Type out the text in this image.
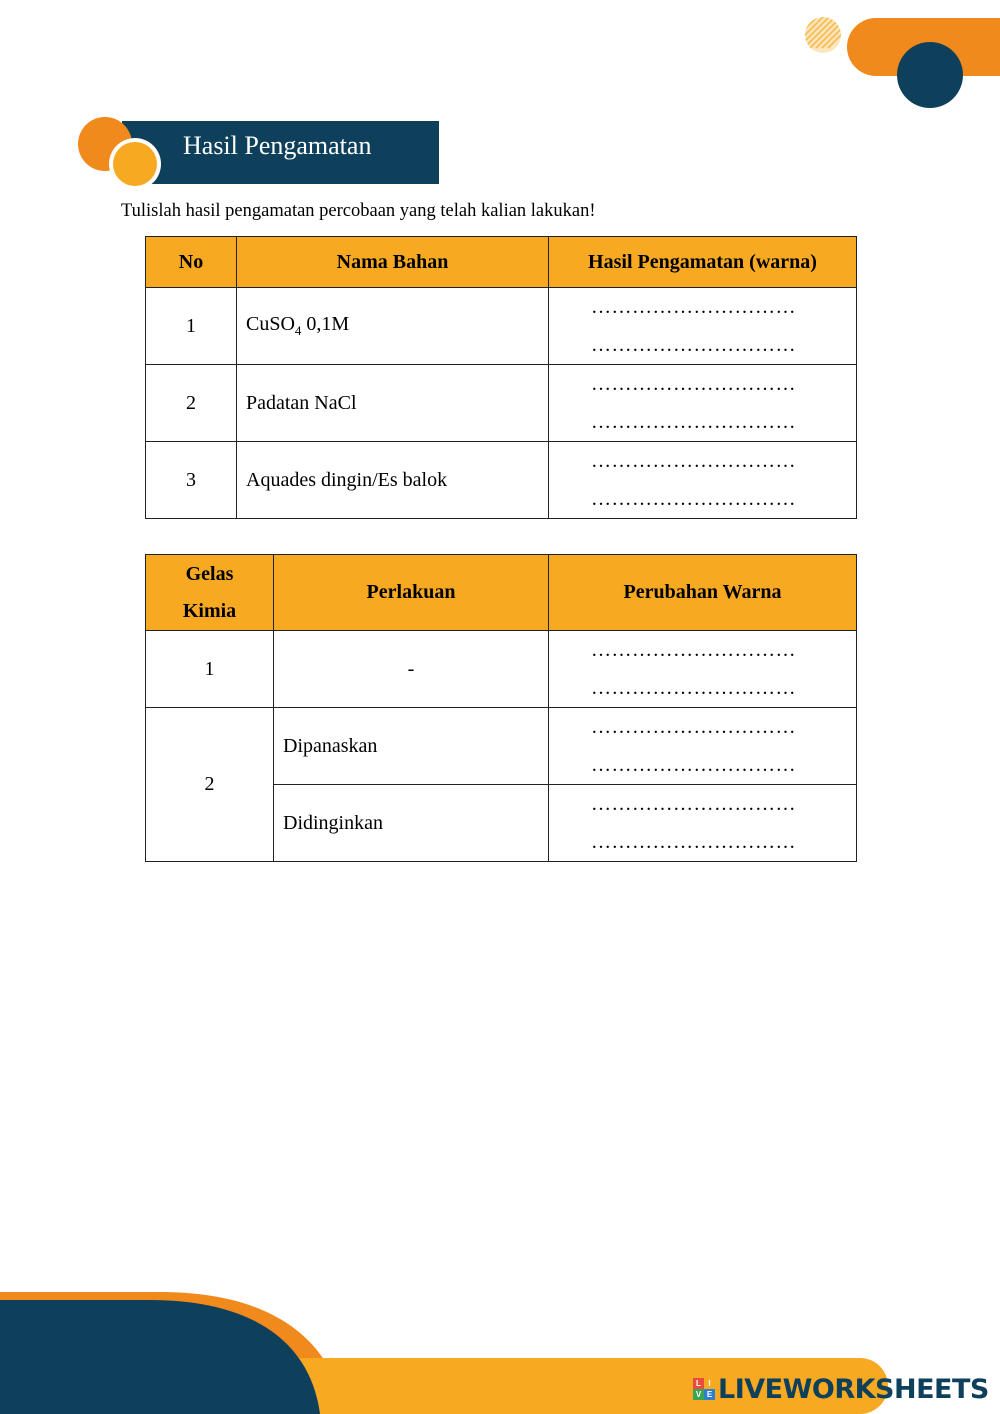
Hasil Pengamatan
Tulislah hasil pengamatan percobaan yang telah kalian lakukan!
No	Nama Bahan	Hasil Pengamatan (warna)
1	CuSO$_4$ 0,1M	…………………………
…………………………

2	Padatan NaCl	…………………………
…………………………

3	Aquades dingin/Es balok	…………………………
…………………………
Gelas
Kimia	Perlakuan	Perubahan Warna
1	-	…………………………
…………………………

2	Dipanaskan	…………………………
…………………………

	Didinginkan	…………………………
…………………………
L I
V E LIVEWORKSHEETS
